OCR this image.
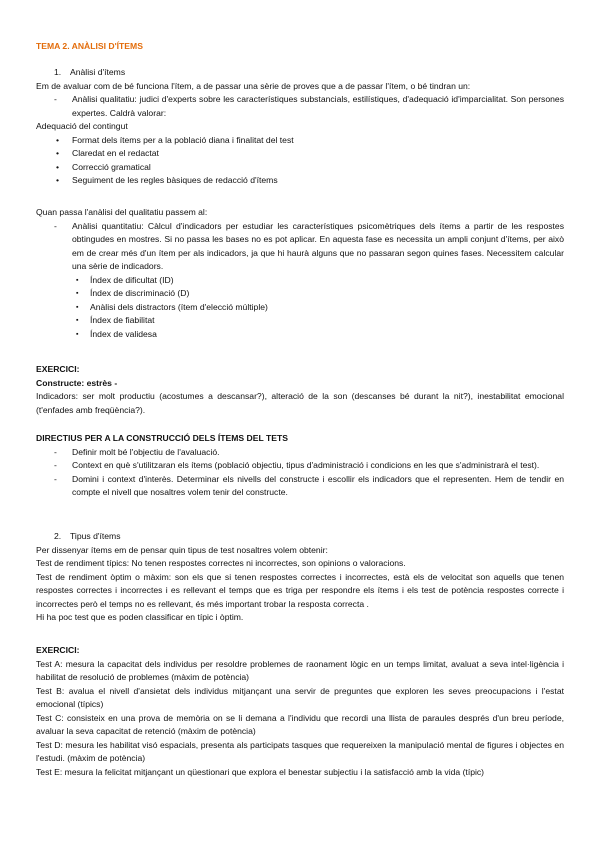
TEMA 2. ANÀLISI D'ÍTEMS

1. Anàlisi d'ítems

Em de avaluar com de bé funciona l'ítem, a de passar una sèrie de proves que a de passar l'ítem, o bé tindran un:

- Anàlisi qualitatiu: judici d'experts sobre les característiques substancials, estilístiques, d'adequació id'imparcialitat. Son persones expertes. Caldrà valorar:

Adequació del contingut

• Format dels ítems per a la població diana i finalitat del test

• Claredat en el redactat

• Correcció gramatical

• Seguiment de les regles bàsiques de redacció d'ítems

Quan passa l'anàlisi del qualitatiu passem al:

- Anàlisi quantitatiu: Càlcul d'indicadors per estudiar les característiques psicomètriques dels ítems a partir de les respostes obtingudes en mostres. Si no passa les bases no es pot aplicar. En aquesta fase es necessita un ampli conjunt d'ítems, per això em de crear més d'un ítem per als indicadors, ja que hi haurà alguns que no passaran segon quines fases. Necessitem calcular una sèrie de indicadors.

▪ Índex de dificultat (ID)

▪ Índex de discriminació (D)

▪ Anàlisi dels distractors (ítem d'elecció múltiple)

▪ Índex de fiabilitat

▪ Índex de validesa

EXERCICI:

Constructe: estrès -

Indicadors: ser molt productiu (acostumes a descansar?), alteració de la son (descanses bé durant la nit?), inestabilitat emocional (t'enfades amb freqüència?).

DIRECTIUS PER A LA CONSTRUCCIÓ DELS ÍTEMS DEL TETS

- Definir molt bé l'objectiu de l'avaluació.

- Context en què s'utilitzaran els ítems (població objectiu, tipus d'administració i condicions en les que s'administrarà el test).

- Domini i context d'interès. Determinar els nivells del constructe i escollir els indicadors que el representen. Hem de tendir en compte el nivell que nosaltres volem tenir del constructe.

2. Tipus d'ítems

Per dissenyar ítems em de pensar quin tipus de test nosaltres volem obtenir:

Test de rendiment típics: No tenen respostes correctes ni incorrectes, son opinions o valoracions.

Test de rendiment òptim o màxim: son els que si tenen respostes correctes i incorrectes, està els de velocitat son aquells que tenen respostes correctes i incorrectes i es rellevant el temps que es triga per respondre els ítems i els test de potència respostes correcte i incorrectes però el temps no es rellevant, és més important trobar la resposta correcta .

Hi ha poc test que es poden classificar en típic i òptim.

EXERCICI:

Test A: mesura la capacitat dels individus per resoldre problemes de raonament lògic en un temps limitat, avaluat a seva intel·ligència i habilitat de resolució de problemes (màxim de potència)

Test B: avalua el nivell d'ansietat dels individus mitjançant una servir de preguntes que exploren les seves preocupacions i l'estat emocional (típics)

Test C: consisteix en una prova de memòria on se li demana a l'individu que recordi una llista de paraules després d'un breu període, avaluar la seva capacitat de retenció (màxim de potència)

Test D: mesura les habilitat visó espacials, presenta als participats tasques que requereixen la manipulació mental de figures i objectes en l'estudi. (màxim de potència)

Test E: mesura la felicitat mitjançant un qüestionari que explora el benestar subjectiu i la satisfacció amb la vida (típic)
